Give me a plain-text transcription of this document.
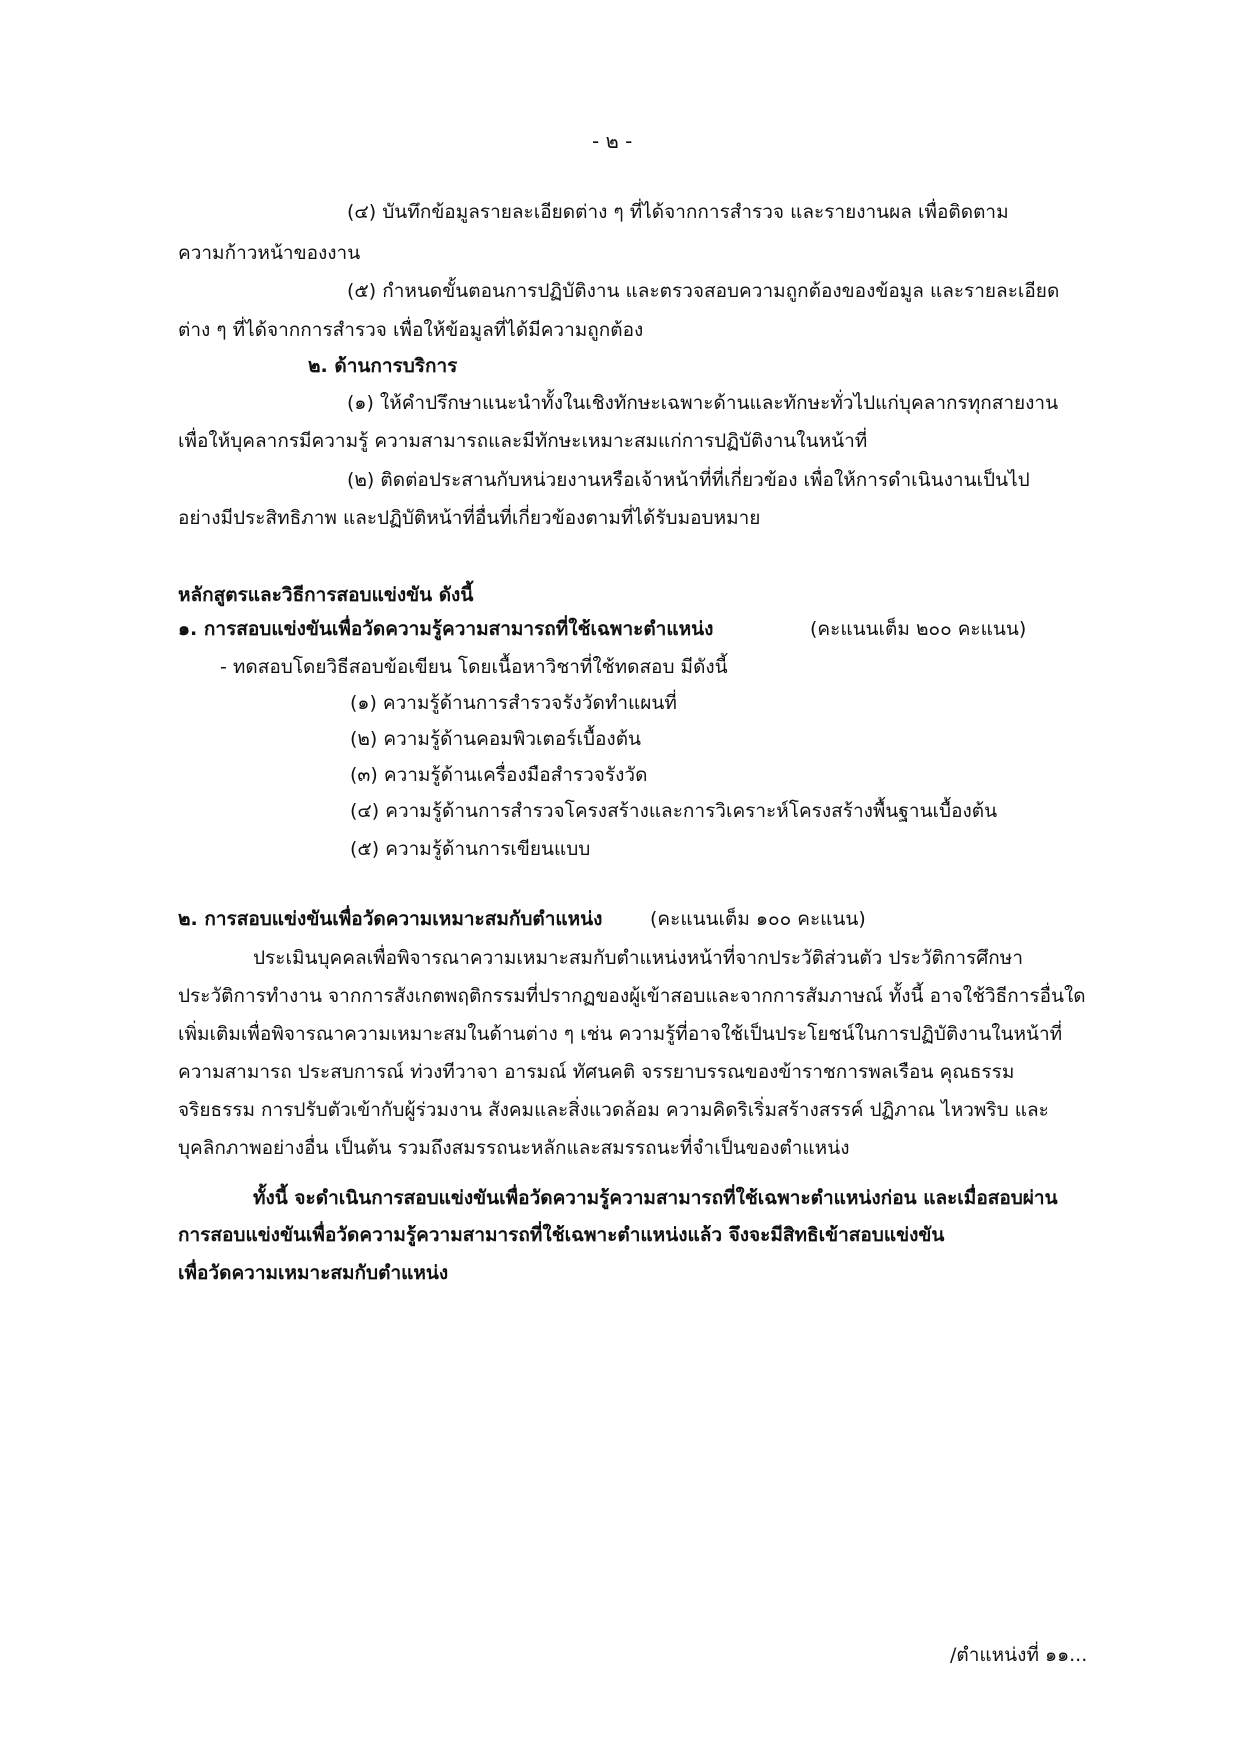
- ๒ -
(๔) บันทึกข้อมูลรายละเอียดต่าง ๆ ที่ได้จากการสำรวจ และรายงานผล เพื่อติดตาม
ความก้าวหน้าของงาน
(๕) กำหนดขั้นตอนการปฏิบัติงาน และตรวจสอบความถูกต้องของข้อมูล และรายละเอียด
ต่าง ๆ ที่ได้จากการสำรวจ เพื่อให้ข้อมูลที่ได้มีความถูกต้อง
๒. ด้านการบริการ
(๑) ให้คำปรึกษาแนะนำทั้งในเชิงทักษะเฉพาะด้านและทักษะทั่วไปแก่บุคลากรทุกสายงาน
เพื่อให้บุคลากรมีความรู้ ความสามารถและมีทักษะเหมาะสมแก่การปฏิบัติงานในหน้าที่
(๒) ติดต่อประสานกับหน่วยงานหรือเจ้าหน้าที่ที่เกี่ยวข้อง เพื่อให้การดำเนินงานเป็นไป
อย่างมีประสิทธิภาพ และปฏิบัติหน้าที่อื่นที่เกี่ยวข้องตามที่ได้รับมอบหมาย
หลักสูตรและวิธีการสอบแข่งขัน ดังนี้
๑. การสอบแข่งขันเพื่อวัดความรู้ความสามารถที่ใช้เฉพาะตำแหน่ง	(คะแนนเต็ม ๒๐๐ คะแนน)
- ทดสอบโดยวิธีสอบข้อเขียน โดยเนื้อหาวิชาที่ใช้ทดสอบ มีดังนี้
(๑) ความรู้ด้านการสำรวจรังวัดทำแผนที่
(๒) ความรู้ด้านคอมพิวเตอร์เบื้องต้น
(๓) ความรู้ด้านเครื่องมือสำรวจรังวัด
(๔) ความรู้ด้านการสำรวจโครงสร้างและการวิเคราะห์โครงสร้างพื้นฐานเบื้องต้น
(๕) ความรู้ด้านการเขียนแบบ
๒. การสอบแข่งขันเพื่อวัดความเหมาะสมกับตำแหน่ง	(คะแนนเต็ม ๑๐๐ คะแนน)
ประเมินบุคคลเพื่อพิจารณาความเหมาะสมกับตำแหน่งหน้าที่จากประวัติส่วนตัว ประวัติการศึกษา
ประวัติการทำงาน จากการสังเกตพฤติกรรมที่ปรากฏของผู้เข้าสอบและจากการสัมภาษณ์ ทั้งนี้ อาจใช้วิธีการอื่นใด
เพิ่มเติมเพื่อพิจารณาความเหมาะสมในด้านต่าง ๆ เช่น ความรู้ที่อาจใช้เป็นประโยชน์ในการปฏิบัติงานในหน้าที่
ความสามารถ ประสบการณ์ ท่วงทีวาจา อารมณ์ ทัศนคติ จรรยาบรรณของข้าราชการพลเรือน คุณธรรม
จริยธรรม การปรับตัวเข้ากับผู้ร่วมงาน สังคมและสิ่งแวดล้อม ความคิดริเริ่มสร้างสรรค์ ปฏิภาณ ไหวพริบ และ
บุคลิกภาพอย่างอื่น เป็นต้น รวมถึงสมรรถนะหลักและสมรรถนะที่จำเป็นของตำแหน่ง
ทั้งนี้ จะดำเนินการสอบแข่งขันเพื่อวัดความรู้ความสามารถที่ใช้เฉพาะตำแหน่งก่อน และเมื่อสอบผ่าน
การสอบแข่งขันเพื่อวัดความรู้ความสามารถที่ใช้เฉพาะตำแหน่งแล้ว จึงจะมีสิทธิเข้าสอบแข่งขัน
เพื่อวัดความเหมาะสมกับตำแหน่ง
/ตำแหน่งที่ ๑๑...
